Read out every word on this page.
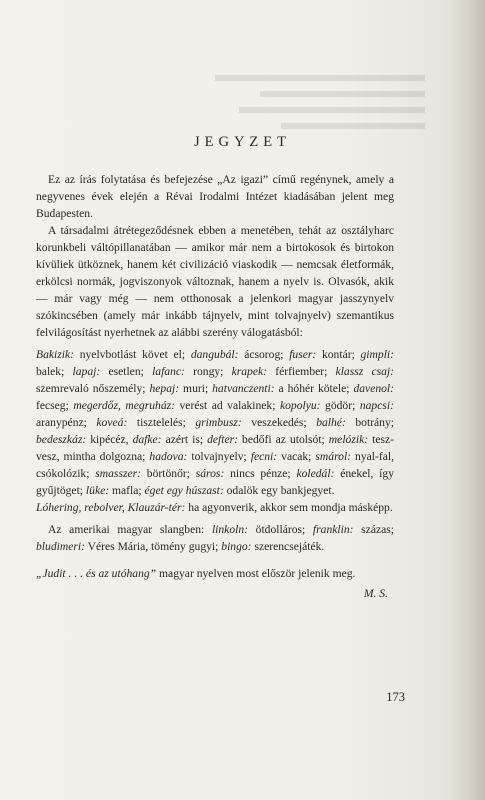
JEGYZET

Ez az írás folytatása és befejezése „Az igazi” című regénynek, amely a negyvenes évek elején a Révai Irodalmi Intézet kiadásában jelent meg Budapesten.

A társadalmi átrétegeződésnek ebben a menetében, tehát az osztályharc korunkbeli váltópillanatában — amikor már nem a birtokosok és birtokon kívüliek ütköznek, hanem két civilizáció viaskodik — nemcsak életformák, erkölcsi normák, jogviszonyok változnak, hanem a nyelv is. Olvasók, akik — már vagy még — nem otthonosak a jelenkori magyar jasszynyelv szókincsében (amely már inkább tájnyelv, mint tolvajnyelv) szemantikus felvilágosítást nyerhetnek az alábbi szerény válogatásból:

Bakizik: nyelvbotlást követ el; dangubál: ácsorog; fuser: kontár; gimpli: balek; lapaj: esetlen; lafanc: rongy; krapek: férfiember; klassz csaj: szemrevaló nőszemély; hepaj: muri; hatvanczenti: a hóhér kötele; davenol: fecseg; megerdőz, megruház: verést ad valakinek; kopolyu: gödör; napcsi: aranypénz; koveá: tisztelelés; grimbusz: veszekedés; balhé: botrány; bedeszkáz: kipécéz, dafke: azért is; defter: bedőfi az utolsót; melózik: tesz-vesz, mintha dolgozna; hadova: tolvajnyelv; fecni: vacak; smárol: nyal-fal, csókolózik; smasszer: börtönőr; sáros: nincs pénze; koledál: énekel, így gyűjtöget; lüke: mafla; éget egy húszast: odalök egy bankjegyet.

Lóhering, rebolver, Klauzár-tér: ha agyonverik, akkor sem mondja másképp.

Az amerikai magyar slangben: linkoln: ötdolláros; franklin: százas; bludimeri: Véres Mária, tömény gugyi; bingo: szerencsejáték.

„Judit . . . és az utóhang” magyar nyelven most először jelenik meg.

M. S.
173
